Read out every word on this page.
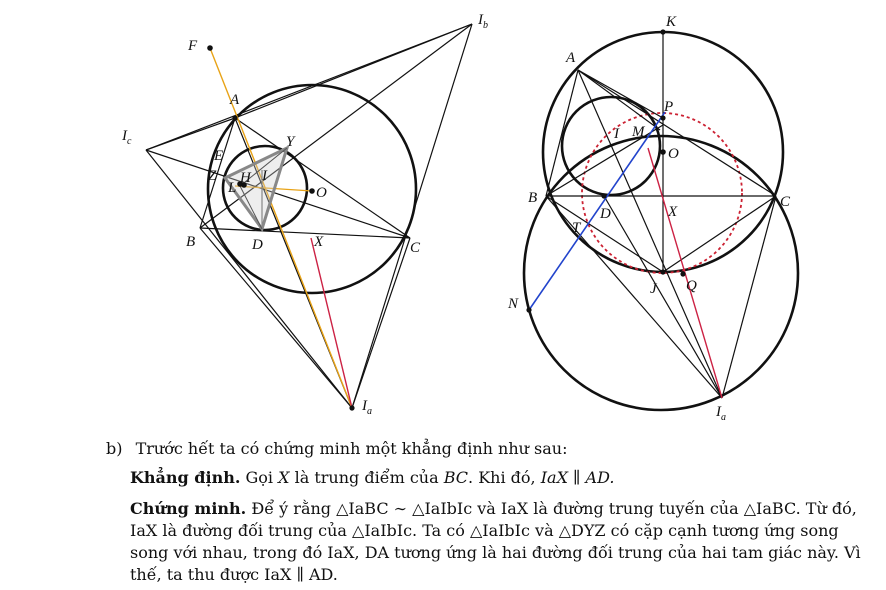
F
A
$I_b$
$I_c$
E
Y
Z H I
L	O
B	D	X	C
$I_a$
K
A
P
M
I
O
B
D	X
C
T
J Q
N
$I_a$
b) Trước hết ta có chứng minh một khẳng định như sau:
Khẳng định. Gọi X là trung điểm của BC. Khi đó, IaX ∥ AD.
Chứng minh. Để ý rằng △IaBC ∼ △IaIbIc và IaX là đường trung tuyến của △IaBC. Từ đó,
IaX là đường đối trung của △IaIbIc. Ta có △IaIbIc và △DYZ có cặp cạnh tương ứng song
song với nhau, trong đó IaX, DA tương ứng là hai đường đối trung của hai tam giác này. Vì
thế, ta thu được IaX ∥ AD.
